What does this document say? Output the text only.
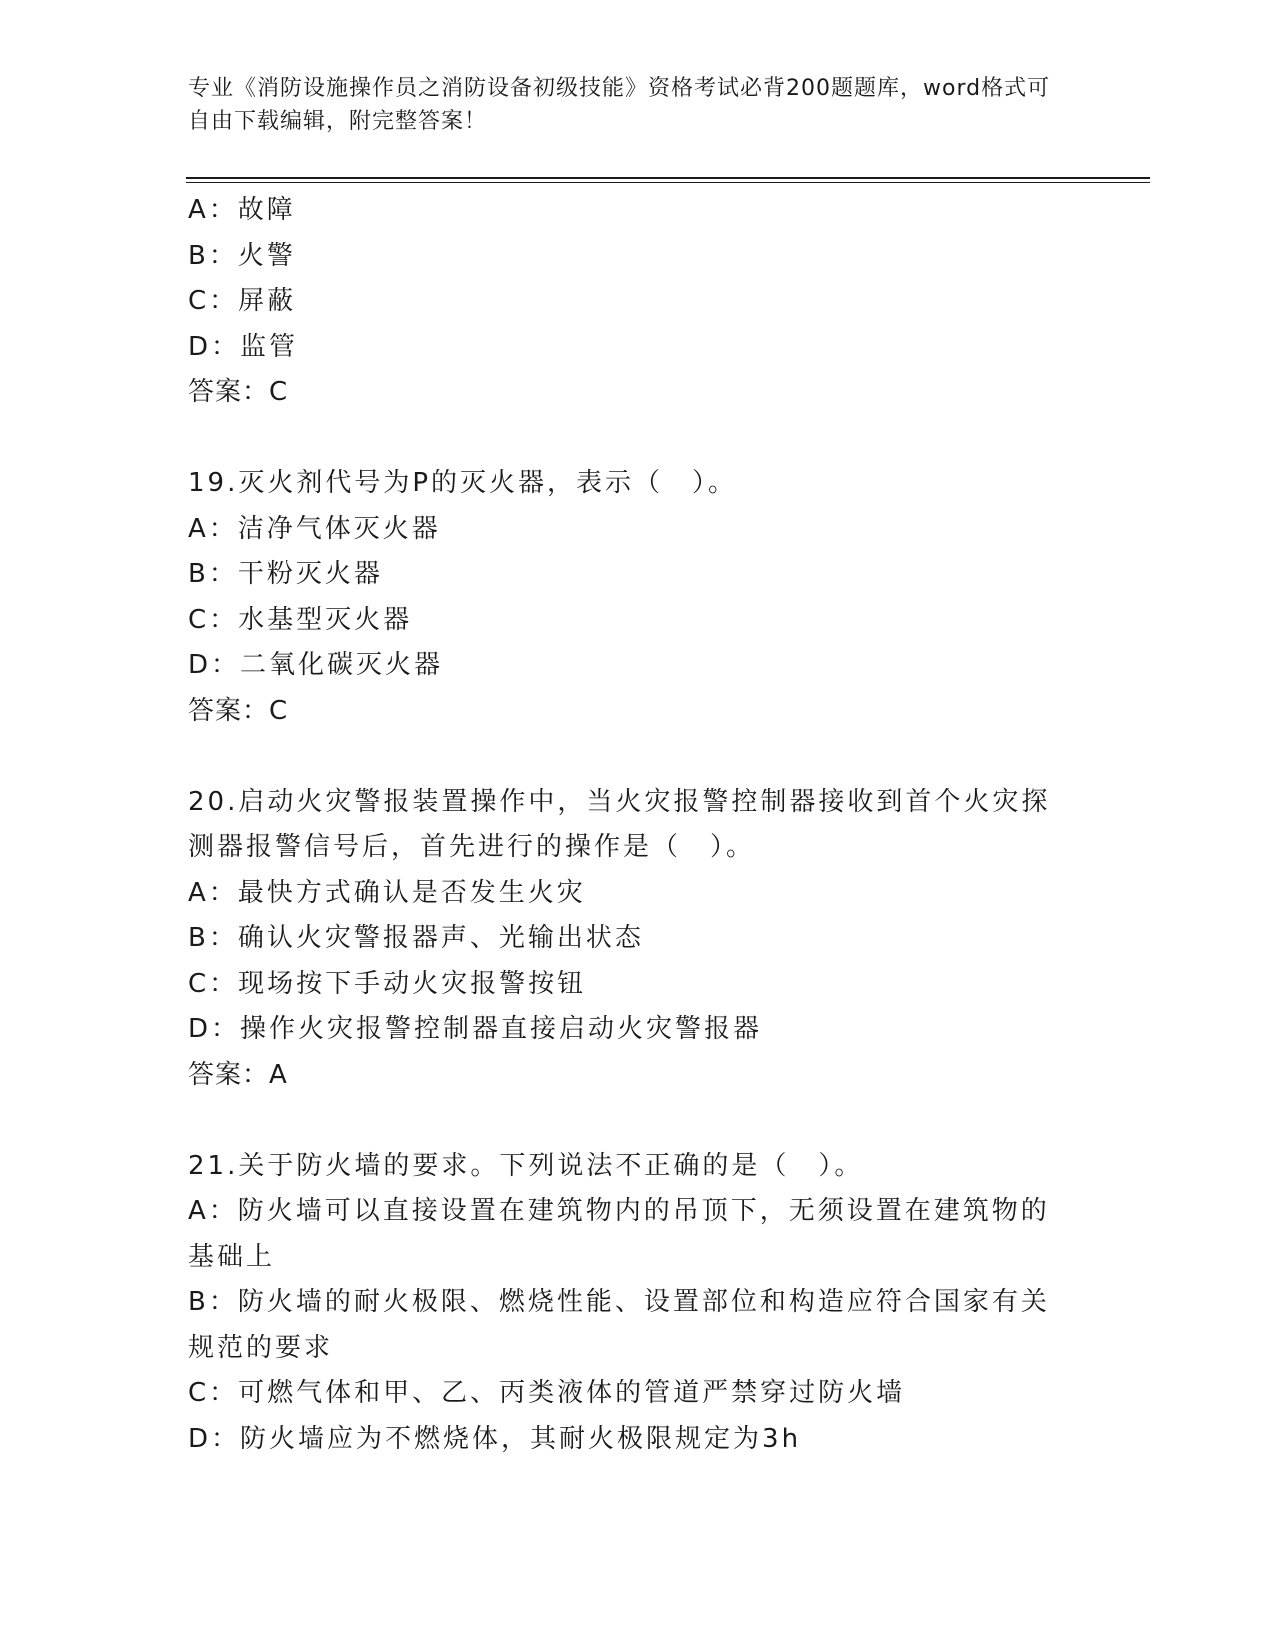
专业《消防设施操作员之消防设备初级技能》资格考试必背200题题库，word格式可自由下载编辑，附完整答案！
A：故障
B：火警
C：屏蔽
D：监管
答案：C
19.灭火剂代号为P的灭火器，表示（　）。
A：洁净气体灭火器
B：干粉灭火器
C：水基型灭火器
D：二氧化碳灭火器
答案：C
20.启动火灾警报装置操作中，当火灾报警控制器接收到首个火灾探测器报警信号后，首先进行的操作是（　）。
A：最快方式确认是否发生火灾
B：确认火灾警报器声、光输出状态
C：现场按下手动火灾报警按钮
D：操作火灾报警控制器直接启动火灾警报器
答案：A
21.关于防火墙的要求。下列说法不正确的是（　）。
A：防火墙可以直接设置在建筑物内的吊顶下，无须设置在建筑物的基础上
B：防火墙的耐火极限、燃烧性能、设置部位和构造应符合国家有关规范的要求
C：可燃气体和甲、乙、丙类液体的管道严禁穿过防火墙
D：防火墙应为不燃烧体，其耐火极限规定为3h
